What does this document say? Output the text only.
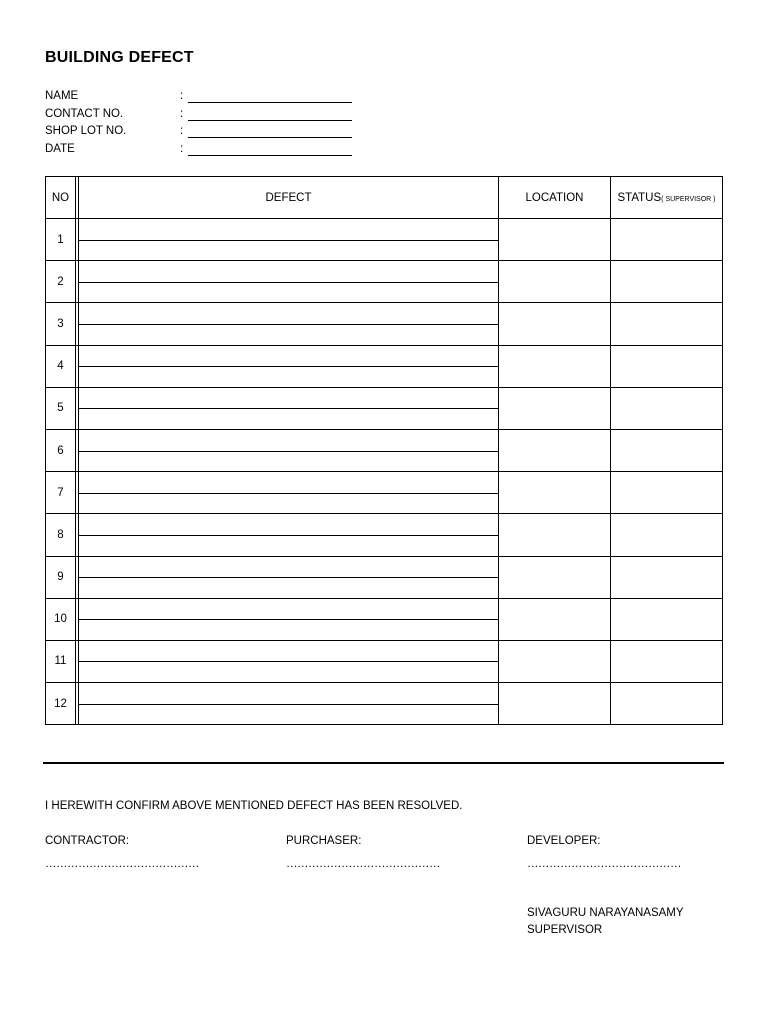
BUILDING DEFECT
NAME	:
CONTACT NO.	:
SHOP LOT NO.	:
DATE	:
NO		DEFECT	LOCATION	STATUS( SUPERVISOR )
1		

2		

3		

4		

5		

6		

7		

8		

9		

10		

11		

12		

I HEREWITH CONFIRM ABOVE MENTIONED DEFECT HAS BEEN RESOLVED.
CONTRACTOR:	PURCHASER:	DEVELOPER:
……………………………………	……………………………………	……………………………………
SIVAGURU NARAYANASAMY
SUPERVISOR
